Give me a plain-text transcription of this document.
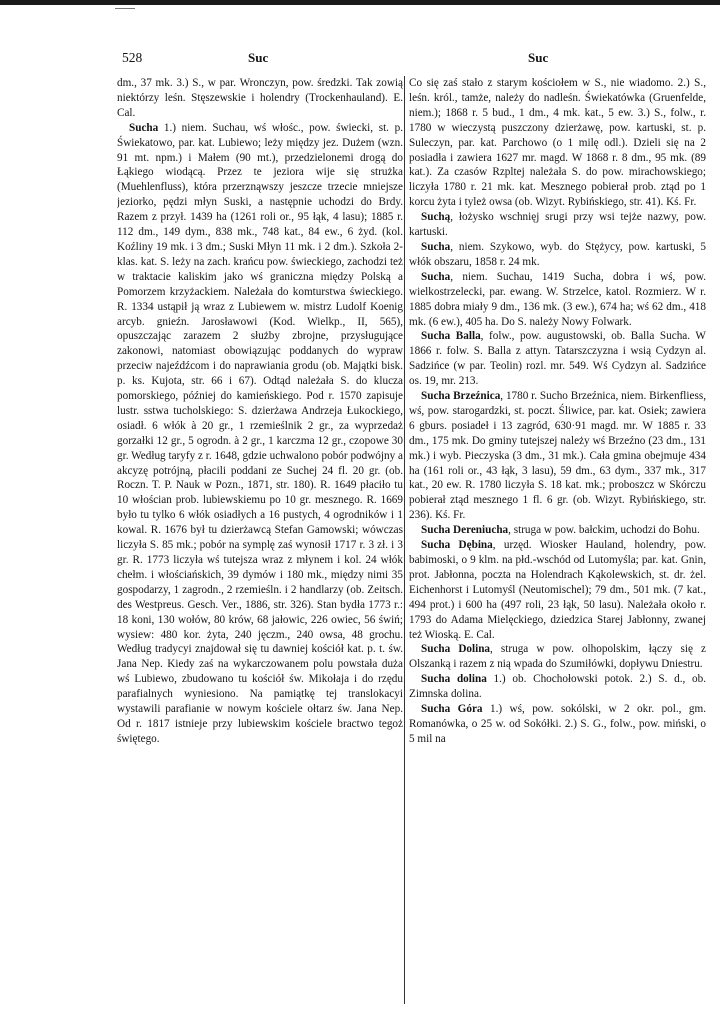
528	Suc	Suc

dm., 37 mk. 3.) S., w par. Wronczyn, pow. średzki. Tak zowią niektórzy leśn. Stęszewskie i holendry (Trockenhauland). E. Cal.

Sucha 1.) niem. Suchau, wś włośc., pow. świecki, st. p. Świekatowo, par. kat. Lubiewo; leży między jez. Dużem (wzn. 91 mt. npm.) i Małem (90 mt.), przedzielonemi drogą do Łąkiego wiodącą. Przez te jeziora wije się strużka (Muehlenfluss), która przerznąwszy jeszcze trzecie mniejsze jeziorko, pędzi młyn Suski, a następnie uchodzi do Brdy. Razem z przył. 1439 ha (1261 roli or., 95 łąk, 4 lasu); 1885 r. 112 dm., 149 dym., 838 mk., 748 kat., 84 ew., 6 żyd. (kol. Koźliny 19 mk. i 3 dm.; Suski Młyn 11 mk. i 2 dm.). Szkoła 2-klas. kat. S. leży na zach. krańcu pow. świeckiego, zachodzi też w traktacie kaliskim jako wś graniczna między Polską a Pomorzem krzyżackiem. Należała do komturstwa świeckiego. R. 1334 ustąpił ją wraz z Lubiewem w. mistrz Ludolf Koenig arcyb. gnieźn. Jarosławowi (Kod. Wielkp., II, 565), opuszczając zarazem 2 służby zbrojne, przysługujące zakonowi, natomiast obowiązując poddanych do wypraw przeciw najeźdźcom i do naprawiania grodu (ob. Majątki bisk. p. ks. Kujota, str. 66 i 67). Odtąd należała S. do klucza pomorskiego, później do kamieńskiego. Pod r. 1570 zapisuje lustr. sstwa tucholskiego: S. dzierżawa Andrzeja Łukockiego, osiadł. 6 włók à 20 gr., 1 rzemieślnik 2 gr., za wyprzedaż gorzałki 12 gr., 5 ogrodn. à 2 gr., 1 karczma 12 gr., czopowe 30 gr. Według taryfy z r. 1648, gdzie uchwalono pobór podwójny a akcyzę potrójną, płacili poddani ze Suchej 24 fl. 20 gr. (ob. Roczn. T. P. Nauk w Pozn., 1871, str. 180). R. 1649 płaciło tu 10 włościan prob. lubiewskiemu po 10 gr. mesznego. R. 1669 było tu tylko 6 włók osiadłych a 16 pustych, 4 ogrodników i 1 kowal. R. 1676 był tu dzierżawcą Stefan Gamowski; wówczas liczyła S. 85 mk.; pobór na symplę zaś wynosił 1717 r. 3 zł. i 3 gr. R. 1773 liczyła wś tutejsza wraz z młynem i kol. 24 włók chełm. i włościańskich, 39 dymów i 180 mk., między nimi 35 gospodarzy, 1 zagrodn., 2 rzemieśln. i 2 handlarzy (ob. Zeitsch. des Westpreus. Gesch. Ver., 1886, str. 326). Stan bydła 1773 r.: 18 koni, 130 wołów, 80 krów, 68 jałowic, 226 owiec, 56 świń; wysiew: 480 kor. żyta, 240 jęczm., 240 owsa, 48 grochu. Według tradycyi znajdował się tu dawniej kościół kat. p. t. św. Jana Nep. Kiedy zaś na wykarczowanem polu powstała duża wś Lubiewo, zbudowano tu kościół św. Mikołaja i do rzędu parafialnych wyniesiono. Na pamiątkę tej translokacyi wystawili parafianie w nowym kościele ołtarz św. Jana Nep. Od r. 1817 istnieje przy lubiewskim kościele bractwo tegoż świętego.

Co się zaś stało z starym kościołem w S., nie wiadomo. 2.) S., leśn. król., tamże, należy do nadleśn. Świekatówka (Gruenfelde, niem.); 1868 r. 5 bud., 1 dm., 4 mk. kat., 5 ew. 3.) S., folw., r. 1780 w wieczystą puszczony dzierżawę, pow. kartuski, st. p. Suleczyn, par. kat. Parchowo (o 1 milę odl.). Dzieli się na 2 posiadła i zawiera 1627 mr. magd. W 1868 r. 8 dm., 95 mk. (89 kat.). Za czasów Rzpltej należała S. do pow. mirachowskiego; liczyła 1780 r. 21 mk. kat. Mesznego pobierał prob. ztąd po 1 korcu żyta i tyleż owsa (ob. Wizyt. Rybińskiego, str. 41). Kś. Fr.

Suchą, łożysko wschnięj srugi przy wsi tejże nazwy, pow. kartuski.

Sucha, niem. Szykowo, wyb. do Stężycy, pow. kartuski, 5 włók obszaru, 1858 r. 24 mk.

Sucha, niem. Suchau, 1419 Sucha, dobra i wś, pow. wielkostrzelecki, par. ewang. W. Strzelce, katol. Rozmierz. W r. 1885 dobra miały 9 dm., 136 mk. (3 ew.), 674 ha; wś 62 dm., 418 mk. (6 ew.), 405 ha. Do S. należy Nowy Folwark.

Sucha Balla, folw., pow. augustowski, ob. Balla Sucha. W 1866 r. folw. S. Balla z attyn. Tatarszczyzna i wsią Cydzyn al. Sadzińce (w par. Teolin) rozl. mr. 549. Wś Cydzyn al. Sadzińce os. 19, mr. 213.

Sucha Brzeźnica, 1780 r. Sucho Brzeźnica, niem. Birkenfliess, wś, pow. starogardzki, st. poczt. Śliwice, par. kat. Osiek; zawiera 6 gburs. posiadeł i 13 zagród, 630·91 magd. mr. W 1885 r. 33 dm., 175 mk. Do gminy tutejszej należy wś Brzeźno (23 dm., 131 mk.) i wyb. Pieczyska (3 dm., 31 mk.). Cała gmina obejmuje 434 ha (161 roli or., 43 łąk, 3 lasu), 59 dm., 63 dym., 337 mk., 317 kat., 20 ew. R. 1780 liczyła S. 18 kat. mk.; proboszcz w Skórczu pobierał ztąd mesznego 1 fl. 6 gr. (ob. Wizyt. Rybińskiego, str. 236). Kś. Fr.

Sucha Dereniucha, struga w pow. bałckim, uchodzi do Bohu.

Sucha Dębina, urzęd. Wiosker Hauland, holendry, pow. babimoski, o 9 klm. na płd.-wschód od Lutomyśla; par. kat. Gnin, prot. Jabłonna, poczta na Holendrach Kąkolewskich, st. dr. żel. Eichenhorst i Lutomyśl (Neutomischel); 79 dm., 501 mk. (7 kat., 494 prot.) i 600 ha (497 roli, 23 łąk, 50 lasu). Należała około r. 1793 do Adama Mielęckiego, dziedzica Starej Jabłonny, zwanej też Wioską. E. Cal.

Sucha Dolina, struga w pow. olhopolskim, łączy się z Olszanką i razem z nią wpada do Szumiłówki, dopływu Dniestru.

Sucha dolina 1.) ob. Chochołowski potok. 2.) S. d., ob. Zimnska dolina.

Sucha Góra 1.) wś, pow. sokólski, w 2 okr. pol., gm. Romanówka, o 25 w. od Sokółki. 2.) S. G., folw., pow. miński, o 5 mil na
